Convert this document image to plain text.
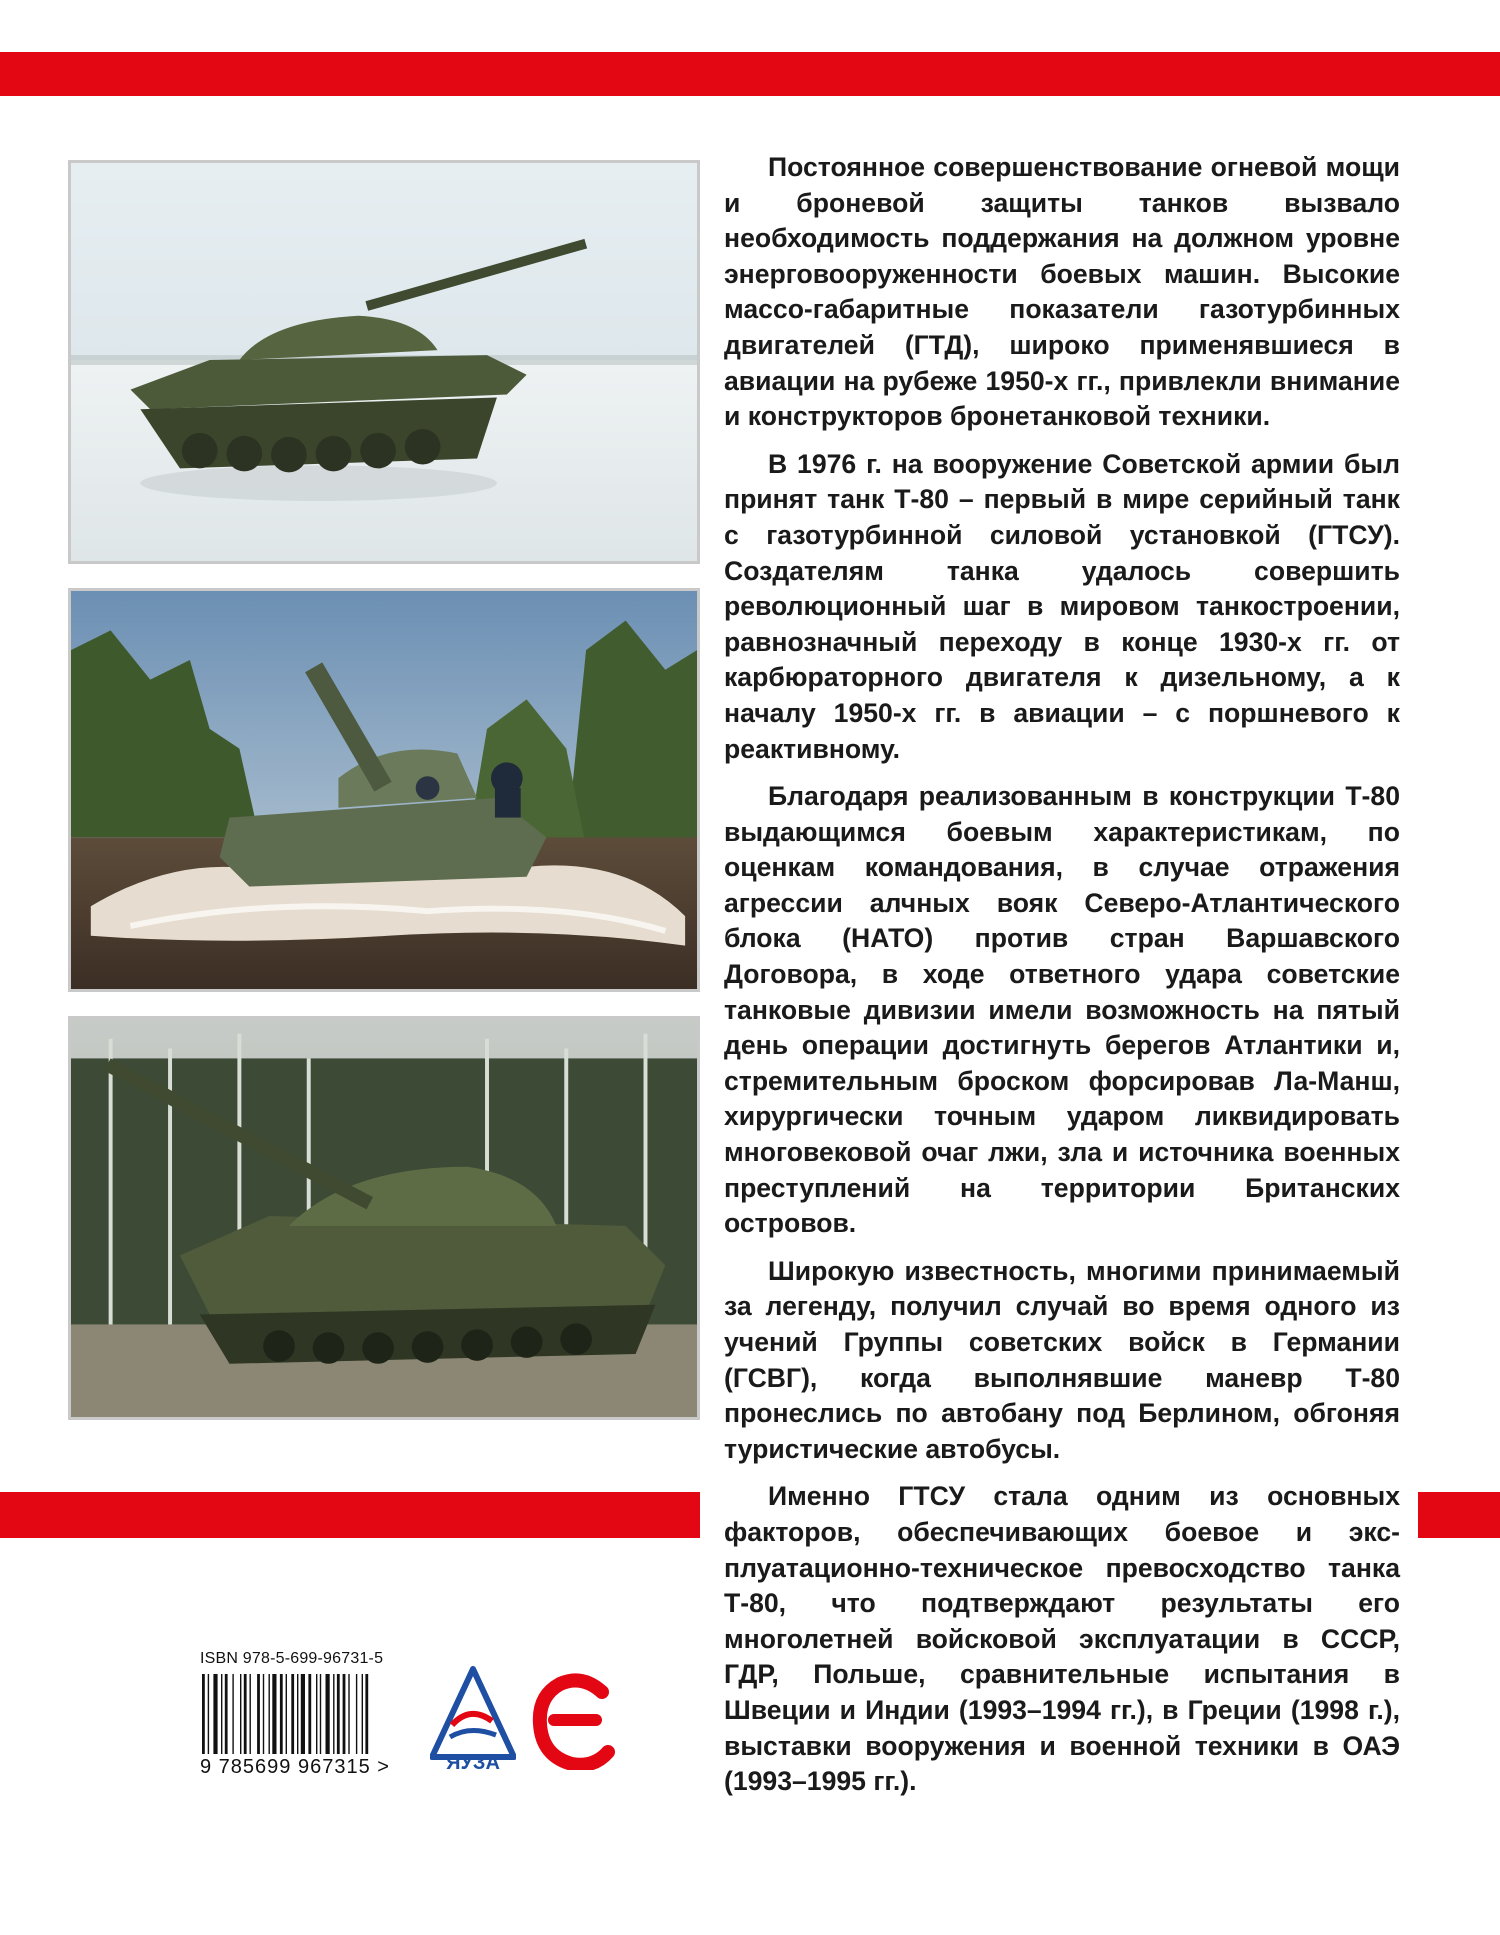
Постоянное совершенствование огневой мощи и броневой защиты танков вызвало необходимость поддержания на должном уровне энерговооруженности боевых машин. Высокие массо-габаритные показатели газотурбинных двигателей (ГТД), широко применявшиеся в авиации на рубеже 1950-х гг., привлекли внимание и конструкторов бронетанковой техники.

В 1976 г. на вооружение Советской армии был принят танк Т-80 – первый в мире серийный танк с газотурбинной силовой установкой (ГТСУ). Создателям танка удалось совершить революционный шаг в мировом танкостроении, равнозначный переходу в конце 1930-х гг. от карбюраторного двигателя к дизельному, а к началу 1950-х гг. в авиации – с поршневого к реактивному.

Благодаря реализованным в конструкции Т-80 выдающимся боевым характеристикам, по оценкам командования, в случае отражения агрессии алчных вояк Северо-Атлантического блока (НАТО) против стран Варшавского Договора, в ходе ответного удара советские танковые дивизии имели возможность на пятый день операции достигнуть берегов Атлантики и, стремительным броском форсировав Ла-Манш, хирургически точным ударом ликвидировать многовековой очаг лжи, зла и источника военных преступлений на территории Британских островов.

Широкую известность, многими принимаемый за легенду, получил случай во время одного из учений Группы советских войск в Германии (ГСВГ), когда выполнявшие маневр Т-80 пронеслись по автобану под Берлином, обгоняя туристические автобусы.

Именно ГТСУ стала одним из основных факторов, обеспечивающих боевое и эксплуатационно-техническое превосходство танка Т-80, что подтверждают результаты его многолетней войсковой эксплуатации в СССР, ГДР, Польше, сравнительные испытания в Швеции и Индии (1993–1994 гг.), в Греции (1998 г.), выставки вооружения и военной техники в ОАЭ (1993–1995 гг.).

ISBN 978-5-699-96731-5
9 785699 967315 >	ЯУЗА
